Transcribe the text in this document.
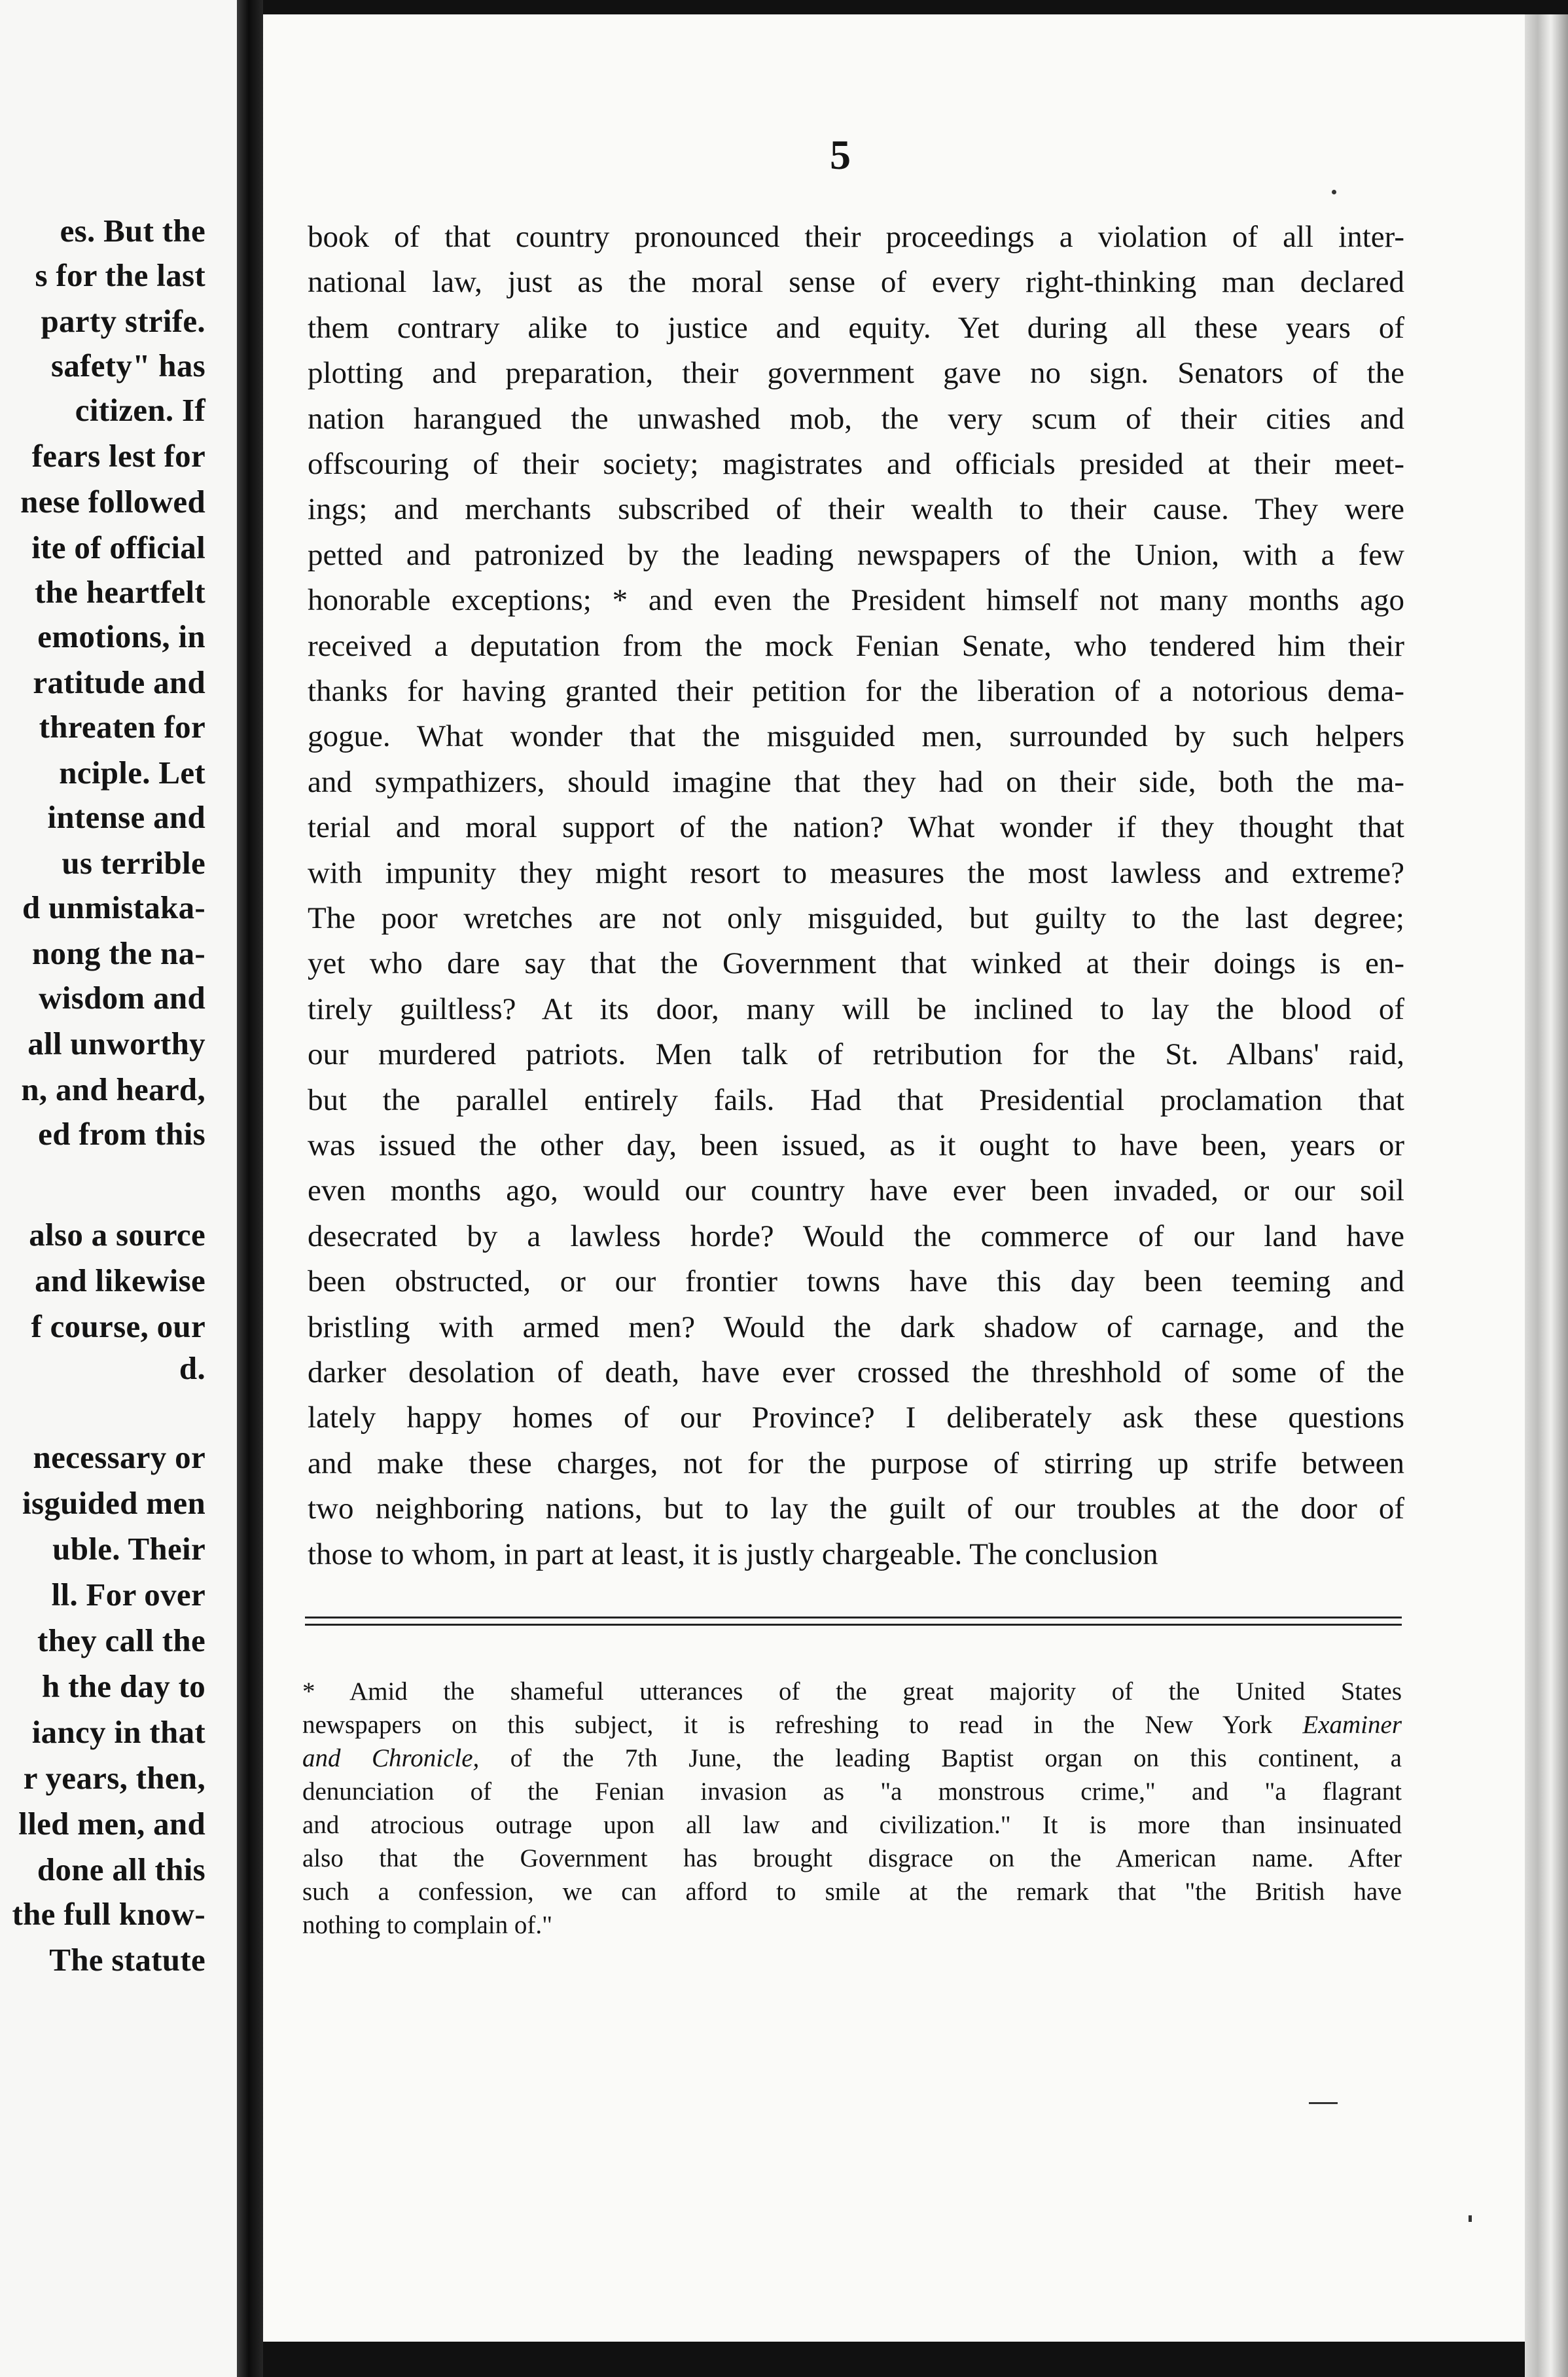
es. But the
s for the last
party strife.
safety" has
citizen. If
fears lest for
nese followed
ite of official
the heartfelt
emotions, in
ratitude and
threaten for
nciple. Let
intense and
us terrible
d unmistaka-
nong the na-
wisdom and
all unworthy
n, and heard,
ed from this
also a source
and likewise
f course, our
d.
necessary or
isguided men
uble. Their
ll. For over
they call the
h the day to
iancy in that
r years, then,
lled men, and
done all this
the full know-
The statute
5
book of that country pronounced their proceedings a violation of all inter-
national law, just as the moral sense of every right-thinking man declared
them contrary alike to justice and equity. Yet during all these years of
plotting and preparation, their government gave no sign. Senators of the
nation harangued the unwashed mob, the very scum of their cities and
offscouring of their society; magistrates and officials presided at their meet-
ings; and merchants subscribed of their wealth to their cause. They were
petted and patronized by the leading newspapers of the Union, with a few
honorable exceptions; * and even the President himself not many months ago
received a deputation from the mock Fenian Senate, who tendered him their
thanks for having granted their petition for the liberation of a notorious dema-
gogue. What wonder that the misguided men, surrounded by such helpers
and sympathizers, should imagine that they had on their side, both the ma-
terial and moral support of the nation? What wonder if they thought that
with impunity they might resort to measures the most lawless and extreme?
The poor wretches are not only misguided, but guilty to the last degree;
yet who dare say that the Government that winked at their doings is en-
tirely guiltless? At its door, many will be inclined to lay the blood of
our murdered patriots. Men talk of retribution for the St. Albans' raid,
but the parallel entirely fails. Had that Presidential proclamation that
was issued the other day, been issued, as it ought to have been, years or
even months ago, would our country have ever been invaded, or our soil
desecrated by a lawless horde? Would the commerce of our land have
been obstructed, or our frontier towns have this day been teeming and
bristling with armed men? Would the dark shadow of carnage, and the
darker desolation of death, have ever crossed the threshhold of some of the
lately happy homes of our Province? I deliberately ask these questions
and make these charges, not for the purpose of stirring up strife between
two neighboring nations, but to lay the guilt of our troubles at the door of
those to whom, in part at least, it is justly chargeable. The conclusion
* Amid the shameful utterances of the great majority of the United States
newspapers on this subject, it is refreshing to read in the New York Examiner
and Chronicle, of the 7th June, the leading Baptist organ on this continent, a
denunciation of the Fenian invasion as "a monstrous crime," and "a flagrant
and atrocious outrage upon all law and civilization." It is more than insinuated
also that the Government has brought disgrace on the American name. After
such a confession, we can afford to smile at the remark that "the British have
nothing to complain of."
